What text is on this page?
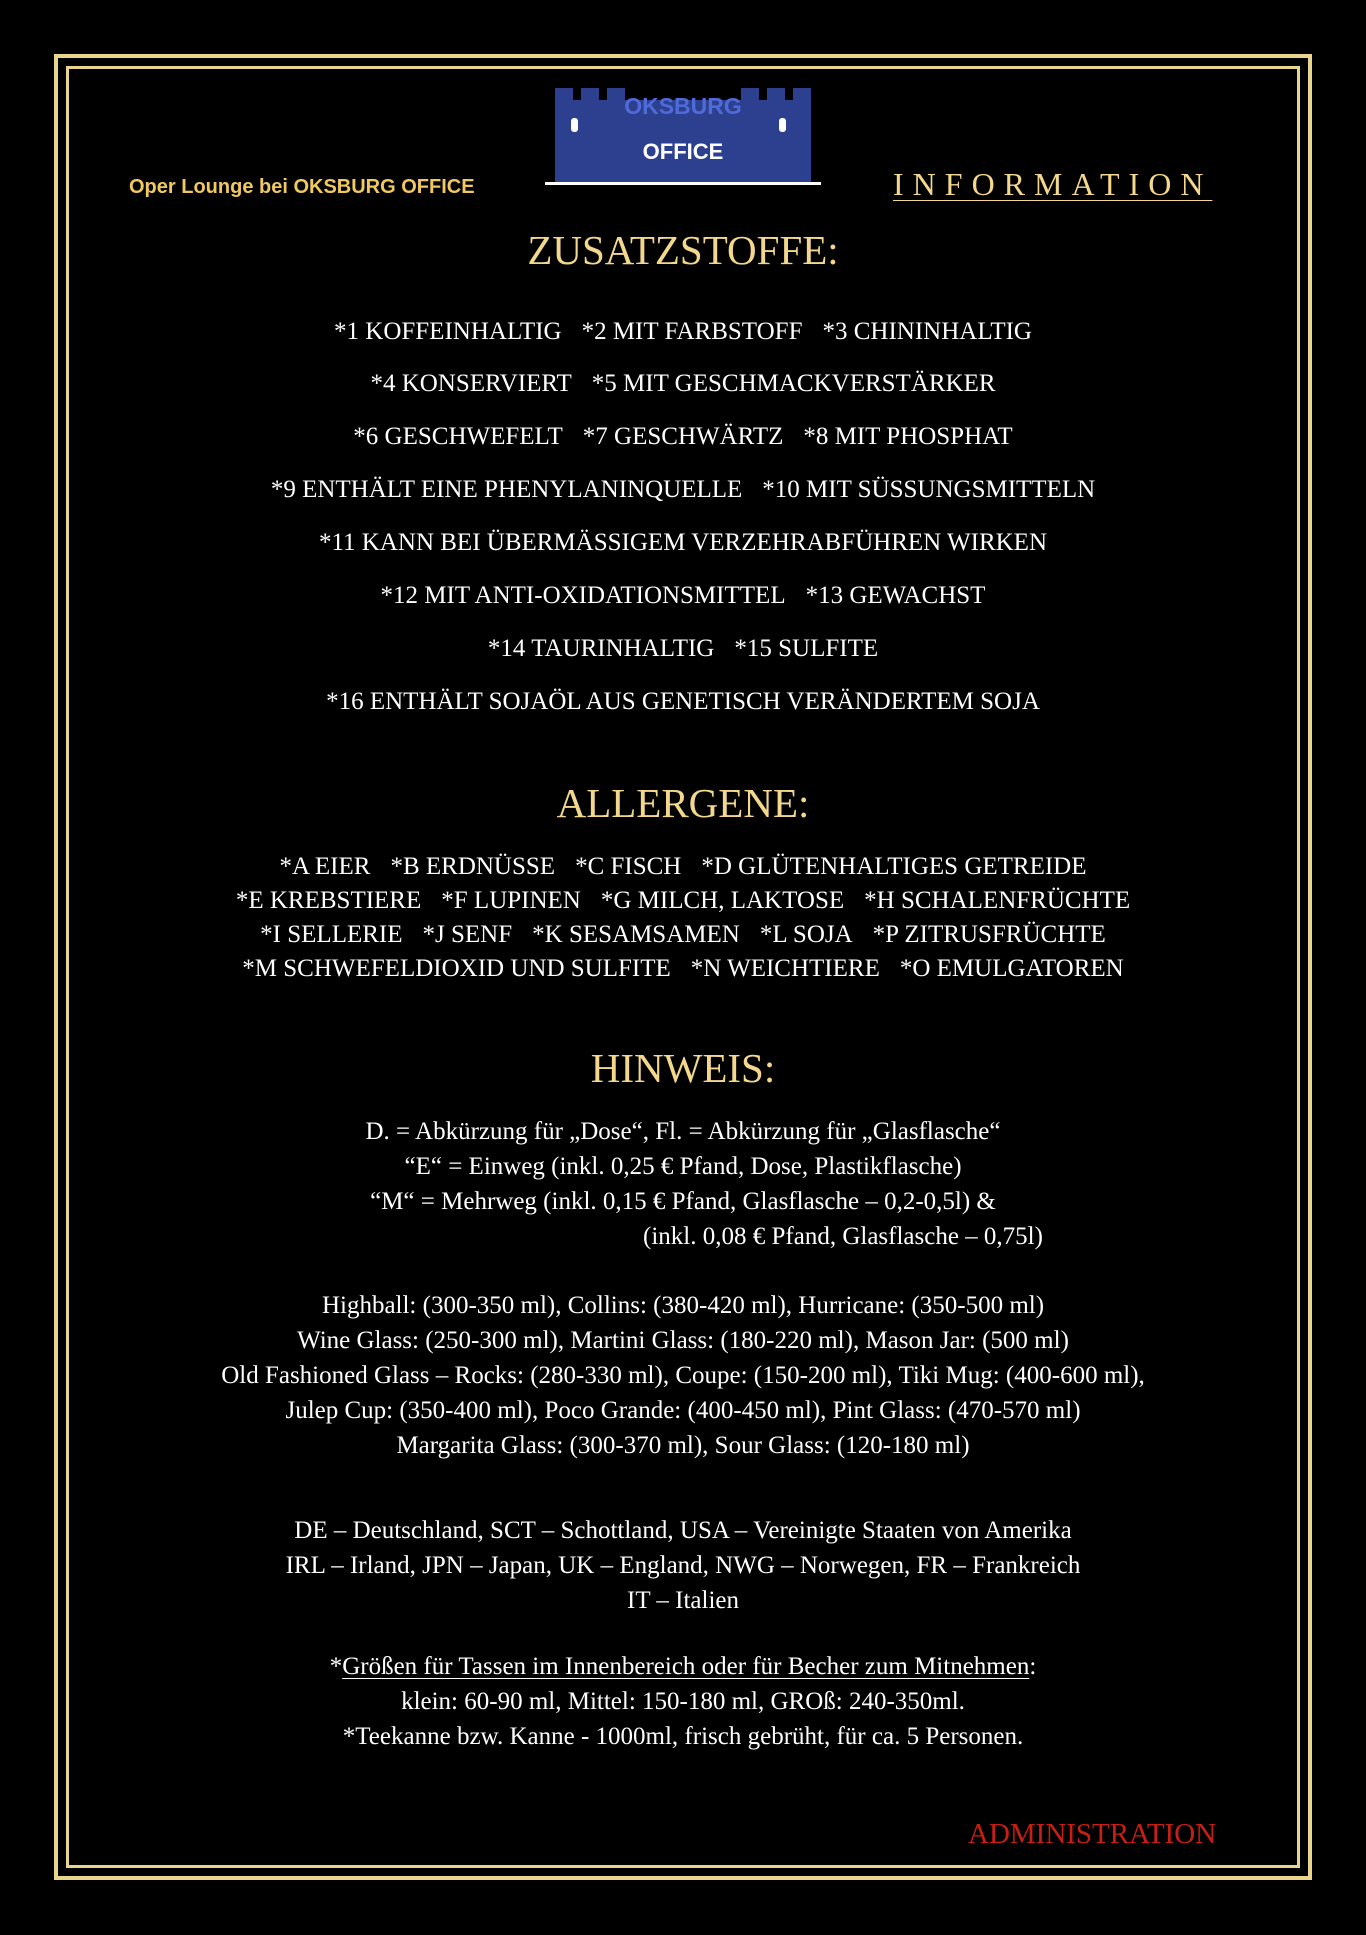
OKSBURG
OFFICE
Oper Lounge bei OKSBURG OFFICE	INFORMATION
ZUSATZSTOFFE:
*1 KOFFEINHALTIG *2 MIT FARBSTOFF *3 CHININHALTIG
*4 KONSERVIERT *5 MIT GESCHMACKVERSTÄRKER
*6 GESCHWEFELT *7 GESCHWÄRTZ *8 MIT PHOSPHAT
*9 ENTHÄLT EINE PHENYLANINQUELLE *10 MIT SÜSSUNGSMITTELN
*11 KANN BEI ÜBERMÄSSIGEM VERZEHRABFÜHREN WIRKEN
*12 MIT ANTI-OXIDATIONSMITTEL *13 GEWACHST
*14 TAURINHALTIG *15 SULFITE
*16 ENTHÄLT SOJAÖL AUS GENETISCH VERÄNDERTEM SOJA
ALLERGENE:
*A EIER *B ERDNÜSSE *C FISCH *D GLÜTENHALTIGES GETREIDE
*E KREBSTIERE *F LUPINEN *G MILCH, LAKTOSE *H SCHALENFRÜCHTE
*I SELLERIE *J SENF *K SESAMSAMEN *L SOJA *P ZITRUSFRÜCHTE
*M SCHWEFELDIOXID UND SULFITE *N WEICHTIERE *O EMULGATOREN
HINWEIS:
D. = Abkürzung für „Dose“, Fl. = Abkürzung für „Glasflasche“
“E“ = Einweg (inkl. 0,25 € Pfand, Dose, Plastikflasche)
“M“ = Mehrweg (inkl. 0,15 € Pfand, Glasflasche – 0,2-0,5l) &
(inkl. 0,08 € Pfand, Glasflasche – 0,75l)
Highball: (300-350 ml), Collins: (380-420 ml), Hurricane: (350-500 ml)
Wine Glass: (250-300 ml), Martini Glass: (180-220 ml), Mason Jar: (500 ml)
Old Fashioned Glass – Rocks: (280-330 ml), Coupe: (150-200 ml), Tiki Mug: (400-600 ml),
Julep Cup: (350-400 ml), Poco Grande: (400-450 ml), Pint Glass: (470-570 ml)
Margarita Glass: (300-370 ml), Sour Glass: (120-180 ml)
DE – Deutschland, SCT – Schottland, USA – Vereinigte Staaten von Amerika
IRL – Irland, JPN – Japan, UK – England, NWG – Norwegen, FR – Frankreich
IT – Italien
*Größen für Tassen im Innenbereich oder für Becher zum Mitnehmen:
klein: 60-90 ml, Mittel: 150-180 ml, GROß: 240-350ml.
*Teekanne bzw. Kanne - 1000ml, frisch gebrüht, für ca. 5 Personen.
ADMINISTRATION
